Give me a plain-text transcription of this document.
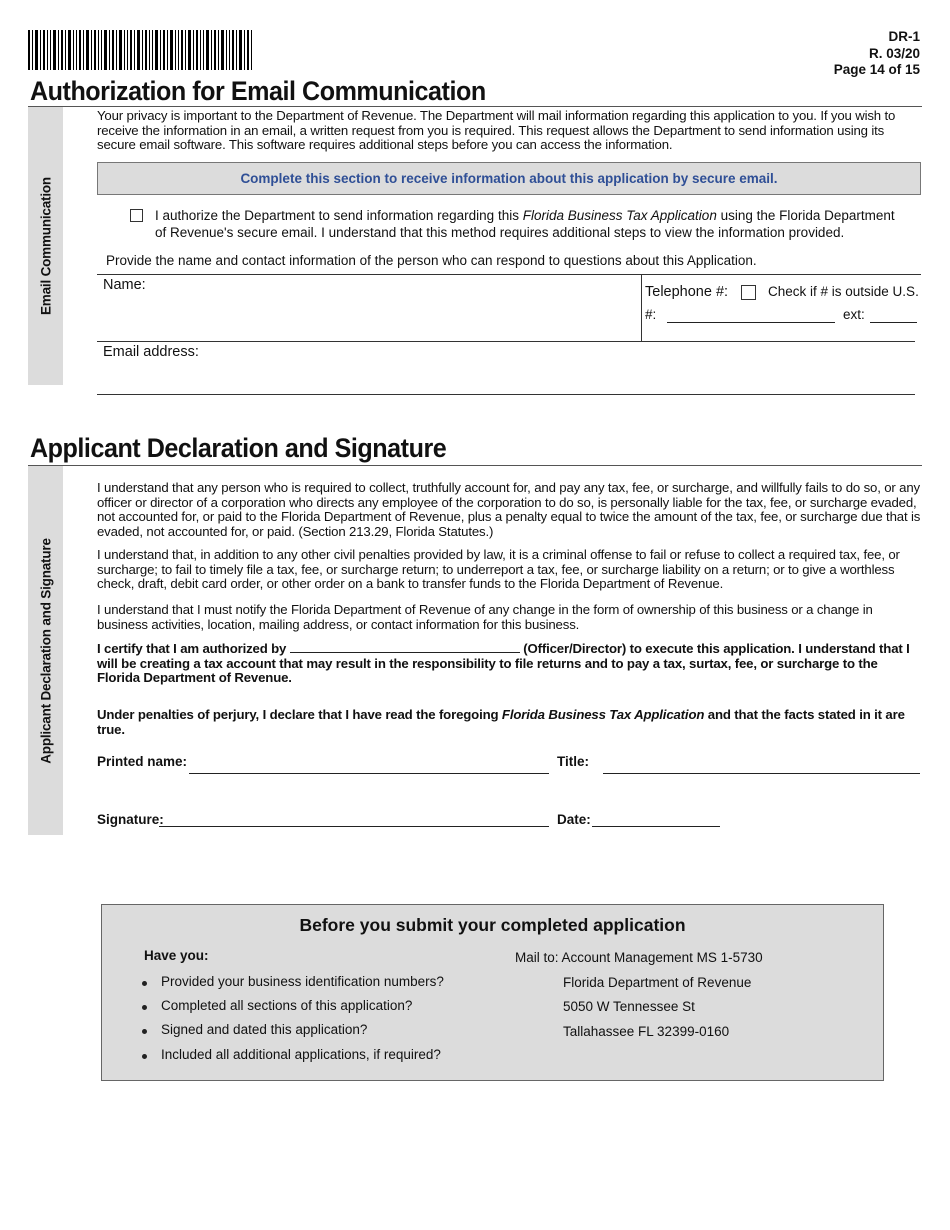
DR-1
R. 03/20
Page 14 of 15
Authorization for Email Communication
Email Communication
Your privacy is important to the Department of Revenue. The Department will mail information regarding this application to you. If you wish to receive the information in an email, a written request from you is required. This request allows the Department to send information using its secure email software. This software requires additional steps before you can access the information.
Complete this section to receive information about this application by secure email.
I authorize the Department to send information regarding this Florida Business Tax Application using the Florida Department
of Revenue's secure email. I understand that this method requires additional steps to view the information provided.
Provide the name and contact information of the person who can respond to questions about this Application.
Name:	Telephone #:	Check if # is outside U.S.
#:	ext:
Email address:
Applicant Declaration and Signature
Applicant Declaration and Signature
I understand that any person who is required to collect, truthfully account for, and pay any tax, fee, or surcharge, and willfully fails to do so, or any officer or director of a corporation who directs any employee of the corporation to do so, is personally liable for the tax, fee, or surcharge evaded, not accounted for, or paid to the Florida Department of Revenue, plus a penalty equal to twice the amount of the tax, fee, or surcharge due that is evaded, not accounted for, or paid. (Section 213.29, Florida Statutes.)
I understand that, in addition to any other civil penalties provided by law, it is a criminal offense to fail or refuse to collect a required tax, fee, or surcharge; to fail to timely file a tax, fee, or surcharge return; to underreport a tax, fee, or surcharge liability on a return; or to give a worthless check, draft, debit card order, or other order on a bank to transfer funds to the Florida Department of Revenue.
I understand that I must notify the Florida Department of Revenue of any change in the form of ownership of this business or a change in business activities, location, mailing address, or contact information for this business.
I certify that I am authorized by	(Officer/Director) to execute this application. I understand that I will be creating a tax account that may result in the responsibility to file returns and to pay a tax, surtax, fee, or surcharge to the Florida Department of Revenue.
Under penalties of perjury, I declare that I have read the foregoing Florida Business Tax Application and that the facts stated in it are true.
Printed name:	Title:
Signature:	Date:
Before you submit your completed application
Have you:
Provided your business identification numbers?
Completed all sections of this application?
Signed and dated this application?
Included all additional applications, if required?
Mail to: Account Management MS 1-5730
Florida Department of Revenue
5050 W Tennessee St
Tallahassee FL 32399-0160
